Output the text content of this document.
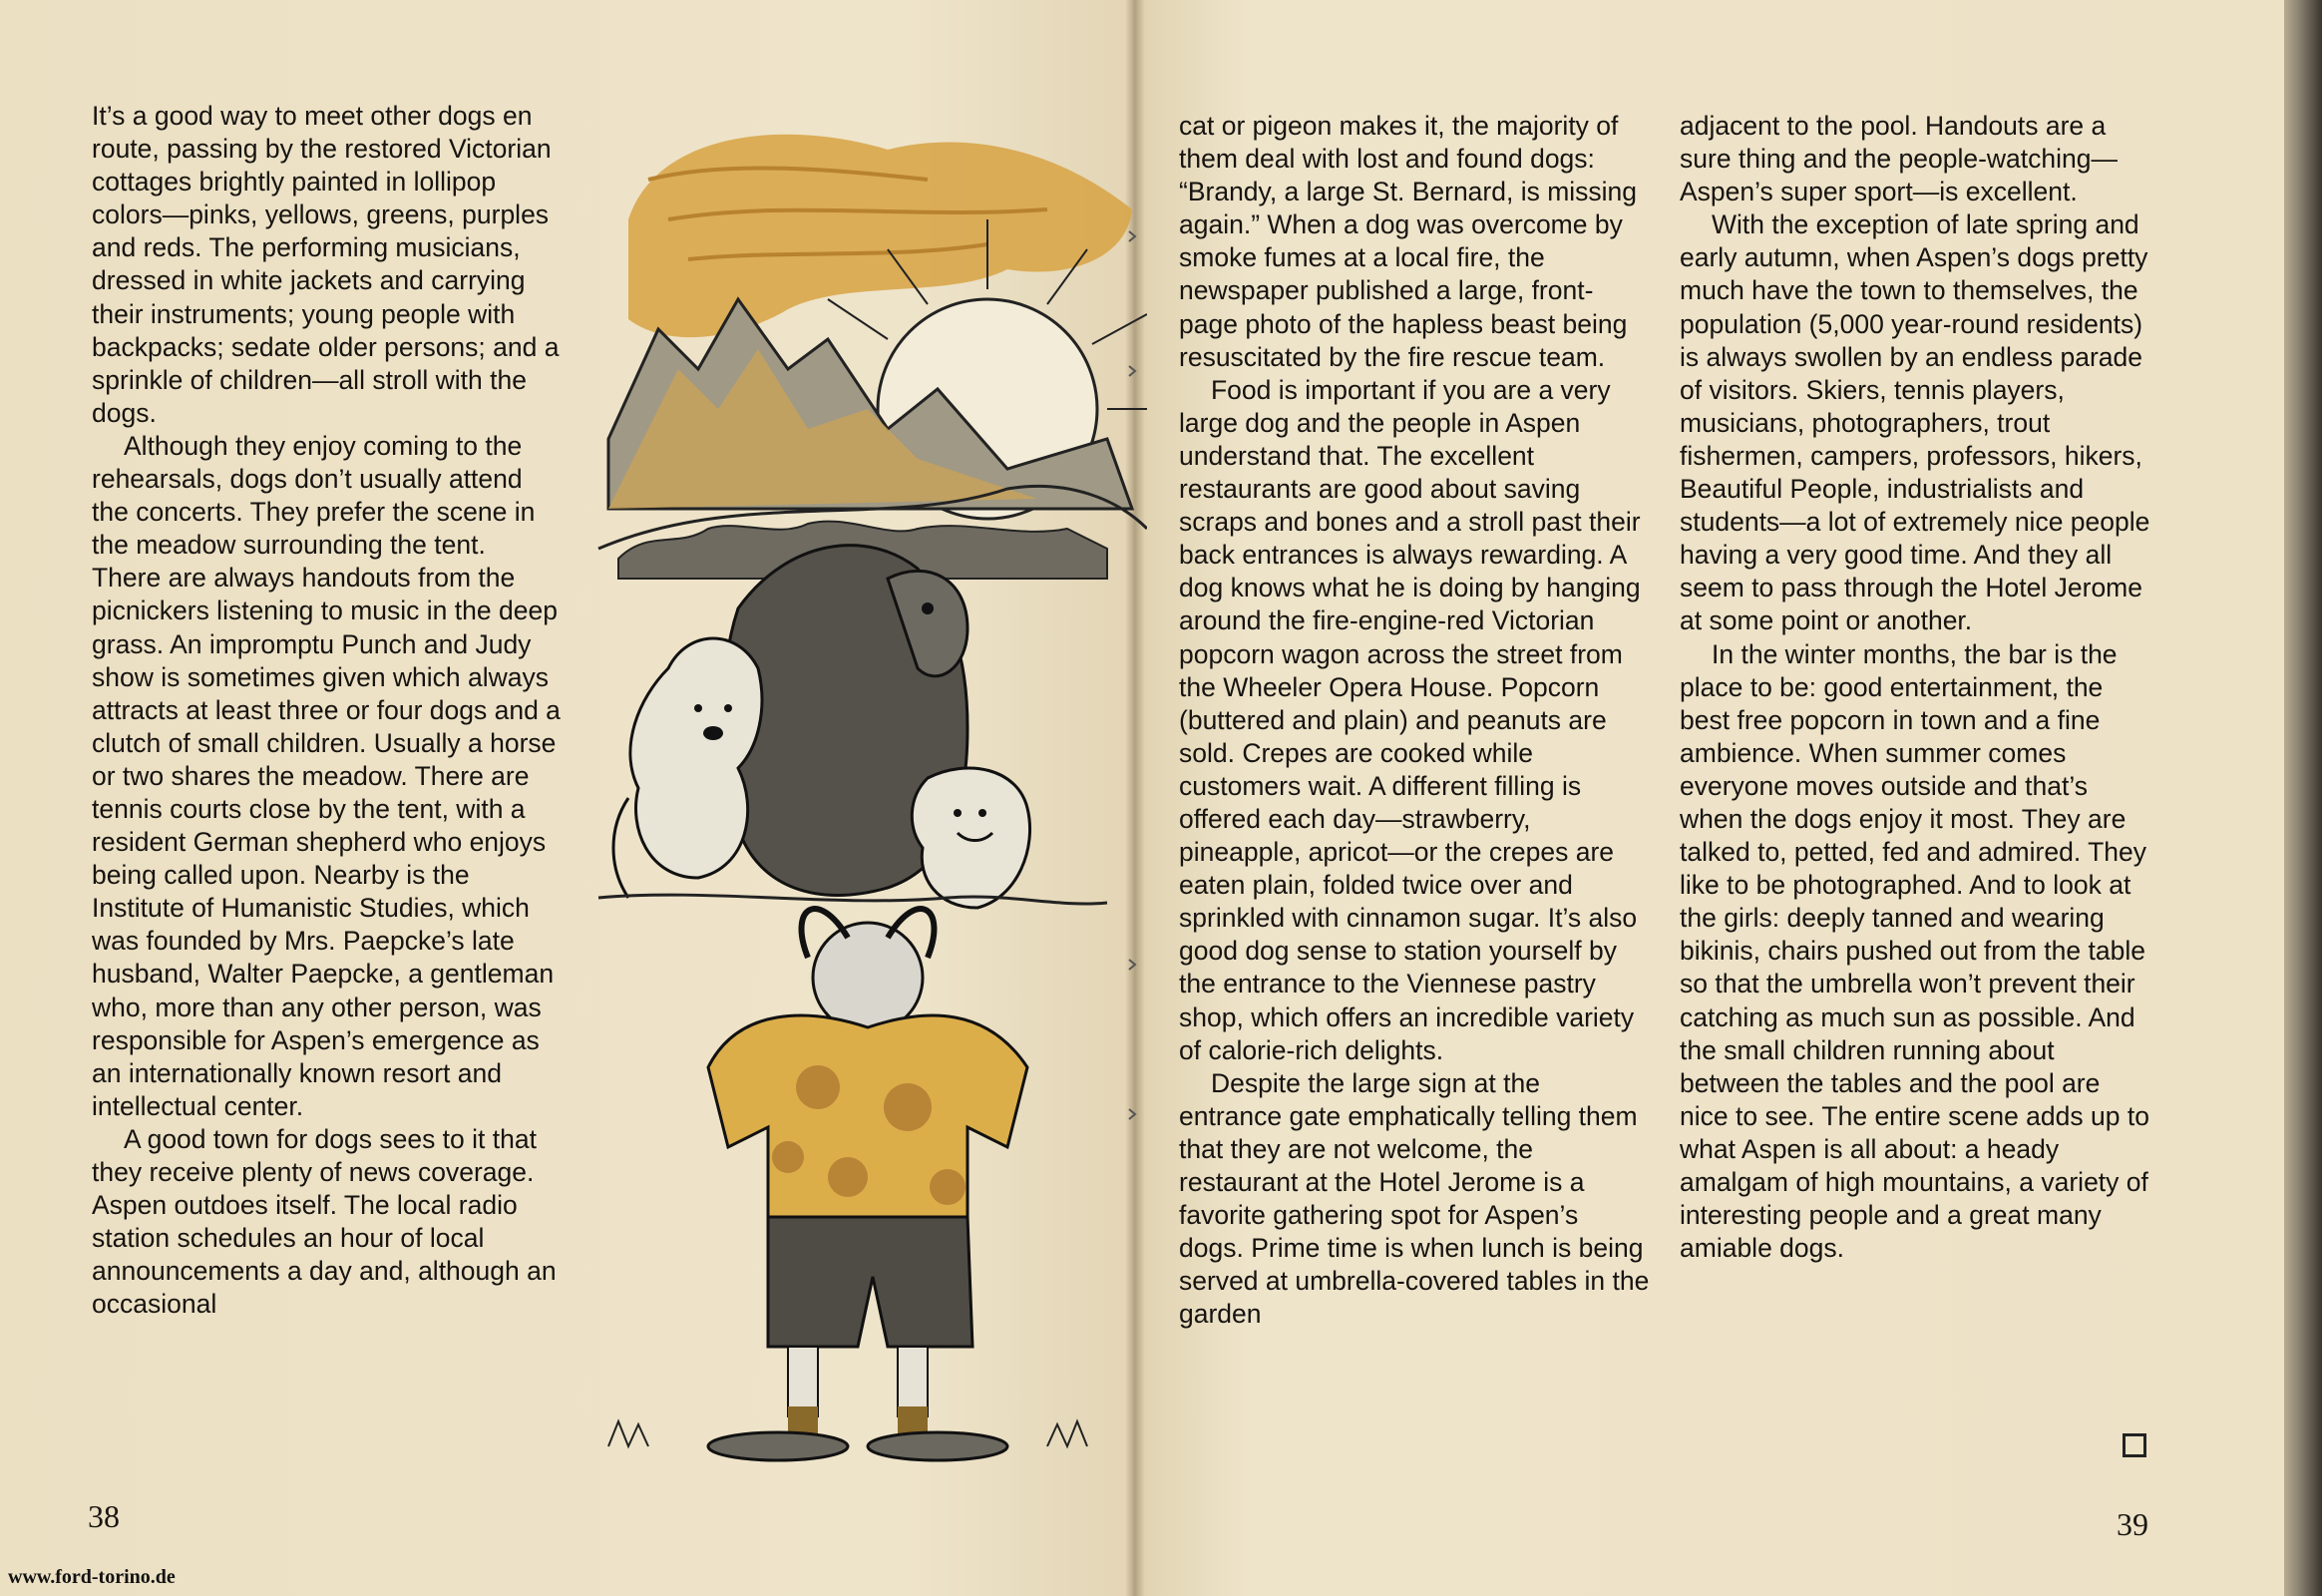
It’s a good way to meet other dogs en route, passing by the restored Victorian cottages brightly painted in lollipop colors—pinks, yellows, greens, purples and reds. The performing musicians, dressed in white jackets and carrying their instruments; young people with backpacks; sedate older persons; and a sprinkle of children—all stroll with the dogs.

Although they enjoy coming to the rehearsals, dogs don’t usually attend the concerts. They prefer the scene in the meadow surrounding the tent. There are always handouts from the picnickers listening to music in the deep grass. An impromptu Punch and Judy show is sometimes given which always attracts at least three or four dogs and a clutch of small children. Usually a horse or two shares the meadow. There are tennis courts close by the tent, with a resident German shepherd who enjoys being called upon. Nearby is the Institute of Humanistic Studies, which was founded by Mrs. Paepcke’s late husband, Walter Paepcke, a gentleman who, more than any other person, was responsible for Aspen’s emergence as an internationally known resort and intellectual center.

A good town for dogs sees to it that they receive plenty of news coverage. Aspen outdoes itself. The local radio station schedules an hour of local announcements a day and, although an occasional

cat or pigeon makes it, the majority of them deal with lost and found dogs: “Brandy, a large St. Bernard, is missing again.” When a dog was overcome by smoke fumes at a local fire, the newspaper published a large, front-page photo of the hapless beast being resuscitated by the fire rescue team.

Food is important if you are a very large dog and the people in Aspen understand that. The excellent restaurants are good about saving scraps and bones and a stroll past their back entrances is always rewarding. A dog knows what he is doing by hanging around the fire-engine-red Victorian popcorn wagon across the street from the Wheeler Opera House. Popcorn (buttered and plain) and peanuts are sold. Crepes are cooked while customers wait. A different filling is offered each day—strawberry, pineapple, apricot—or the crepes are eaten plain, folded twice over and sprinkled with cinnamon sugar. It’s also good dog sense to station yourself by the entrance to the Viennese pastry shop, which offers an incredible variety of calorie-rich delights.

Despite the large sign at the entrance gate emphatically telling them that they are not welcome, the restaurant at the Hotel Jerome is a favorite gathering spot for Aspen’s dogs. Prime time is when lunch is being served at umbrella-covered tables in the garden

adjacent to the pool. Handouts are a sure thing and the people-watching—Aspen’s super sport—is excellent.

With the exception of late spring and early autumn, when Aspen’s dogs pretty much have the town to themselves, the population (5,000 year-round residents) is always swollen by an endless parade of visitors. Skiers, tennis players, musicians, photographers, trout fishermen, campers, professors, hikers, Beautiful People, industrialists and students—a lot of extremely nice people having a very good time. And they all seem to pass through the Hotel Jerome at some point or another.

In the winter months, the bar is the place to be: good entertainment, the best free popcorn in town and a fine ambience. When summer comes everyone moves outside and that’s when the dogs enjoy it most. They are talked to, petted, fed and admired. They like to be photographed. And to look at the girls: deeply tanned and wearing bikinis, chairs pushed out from the table so that the umbrella won’t prevent their catching as much sun as possible. And the small children running about between the tables and the pool are nice to see. The entire scene adds up to what Aspen is all about: a heady amalgam of high mountains, a variety of interesting people and a great many amiable dogs.

38	39
www.ford-torino.de
